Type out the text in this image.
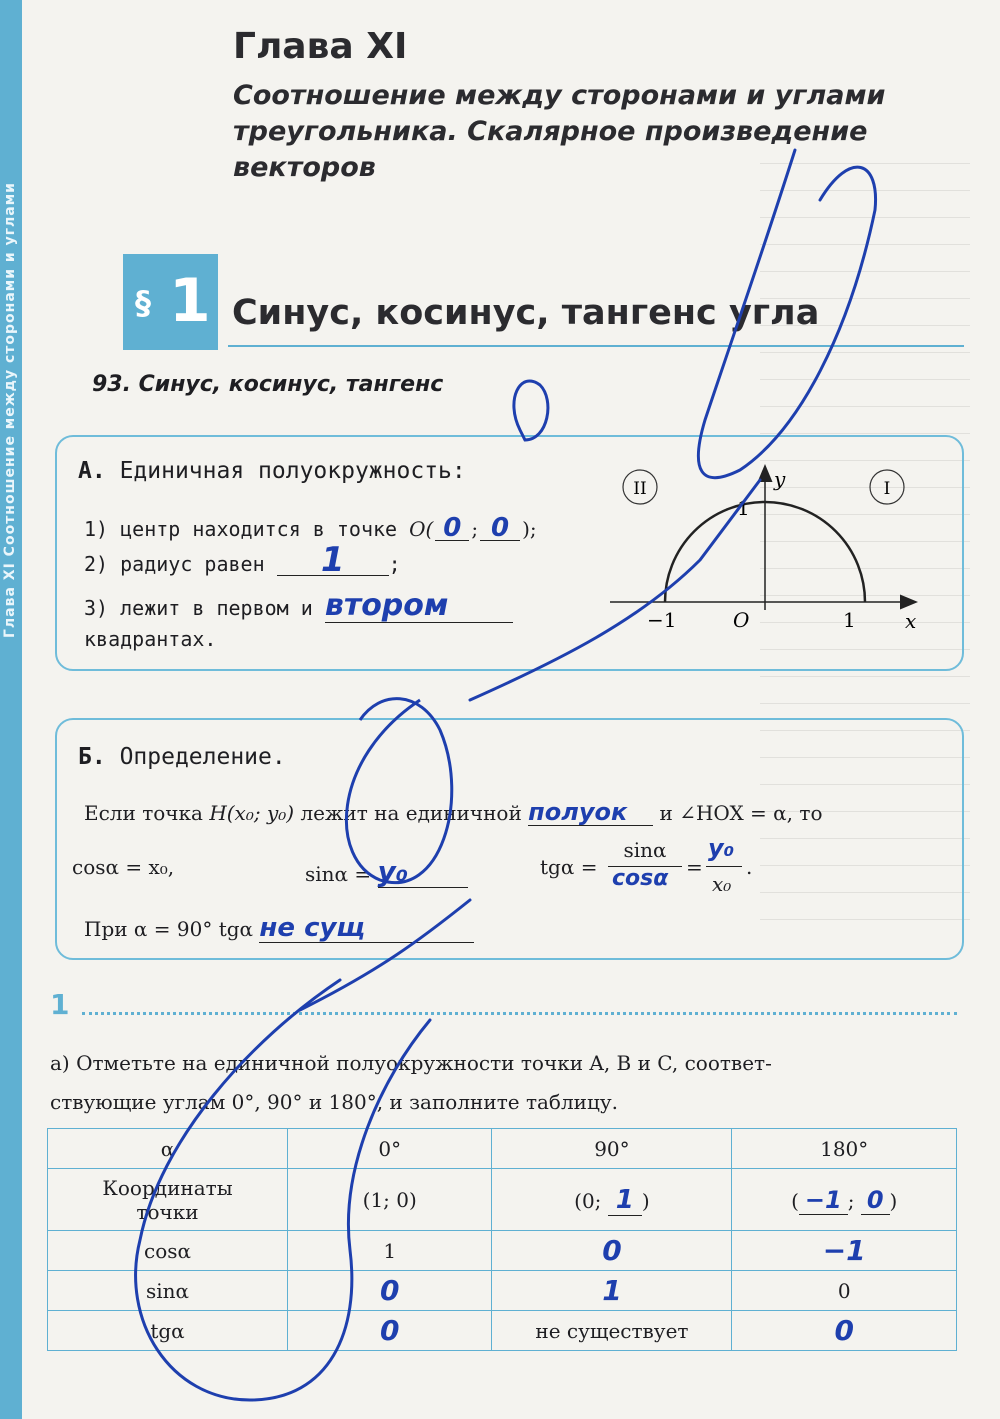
Глава XI Соотношение между сторонами и углами
Глава XI
Соотношение между сторонами и углами треугольника. Скалярное произведение векторов
§ 1 Синус, косинус, тангенс угла
93. Синус, косинус, тангенс
А. Единичная полуокружность:
1) центр находится в точке O( 0 ; 0 );
2) радиус равен 1 ;
3) лежит в первом и втором
квадрантах.
II	I
y
x
O
−1	1
1
Б. Определение.
Если точка H(x₀; y₀) лежит на единичной полуок и ∠HOX = α, то
cosα = x₀,	sinα = y₀	tgα =
sinα
cosα =
y₀
x₀
.
При α = 90° tgα не сущ
1
а) Отметьте на единичной полуокружности точки A, B и C, соответ-
ствующие углам 0°, 90° и 180°, и заполните таблицу.
α	0°	90°	180°
Координаты
точки	(1; 0)	(0; 1 )	( −1 ; 0 )
cosα	1	0	−1
sinα	0	1	0
tgα	0	не существует	0
